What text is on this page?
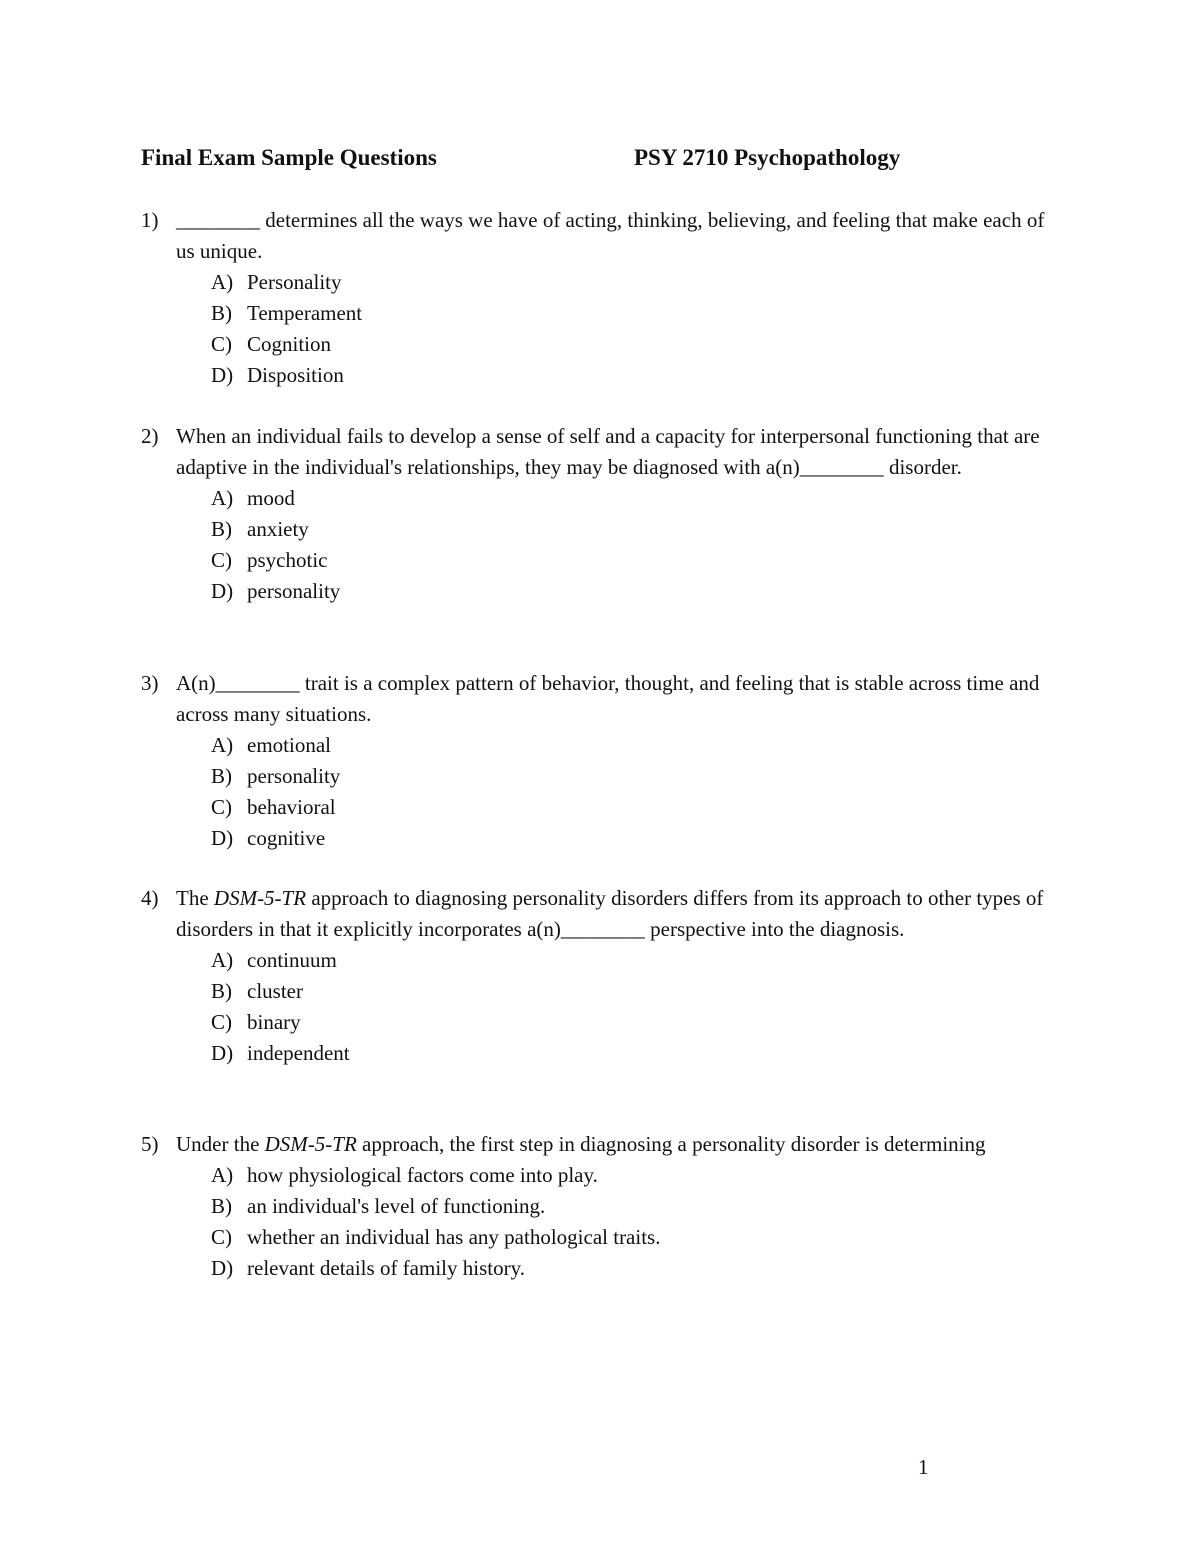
Final Exam Sample Questions	PSY 2710 Psychopathology
1) ________ determines all the ways we have of acting, thinking, believing, and feeling that make each of us unique.
A) Personality
B) Temperament
C) Cognition
D) Disposition
2) When an individual fails to develop a sense of self and a capacity for interpersonal functioning that are adaptive in the individual's relationships, they may be diagnosed with a(n)________ disorder.
A) mood
B) anxiety
C) psychotic
D) personality
3) A(n)________ trait is a complex pattern of behavior, thought, and feeling that is stable across time and across many situations.
A) emotional
B) personality
C) behavioral
D) cognitive
4) The DSM-5-TR approach to diagnosing personality disorders differs from its approach to other types of disorders in that it explicitly incorporates a(n)________ perspective into the diagnosis.
A) continuum
B) cluster
C) binary
D) independent
5) Under the DSM-5-TR approach, the first step in diagnosing a personality disorder is determining
A) how physiological factors come into play.
B) an individual's level of functioning.
C) whether an individual has any pathological traits.
D) relevant details of family history.
1
